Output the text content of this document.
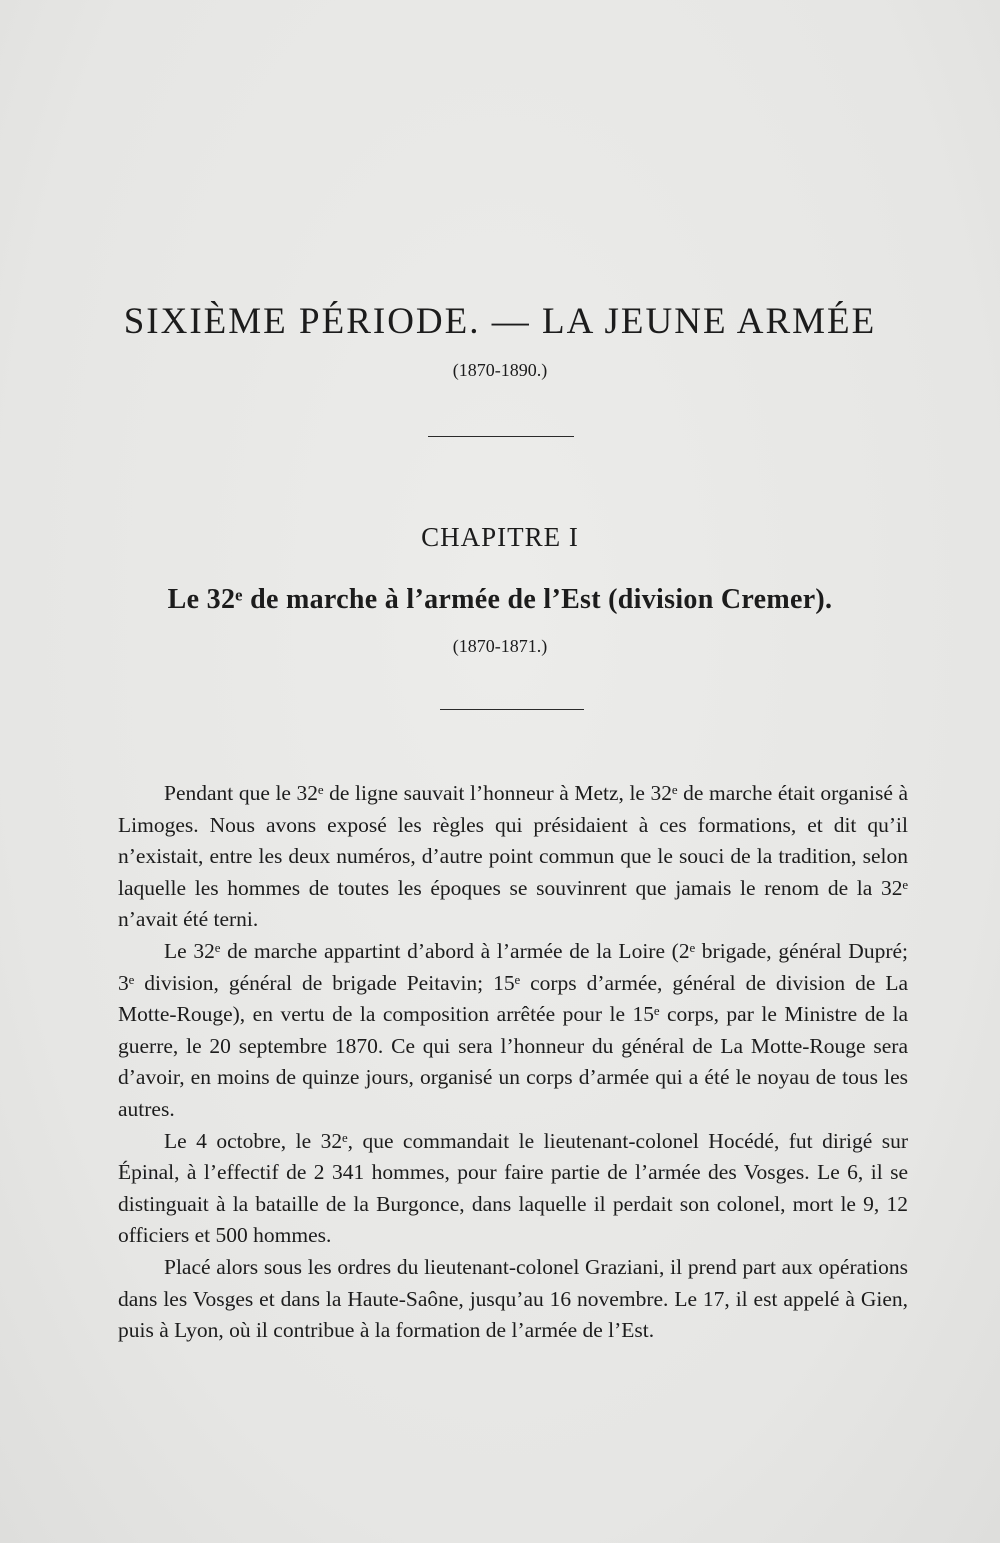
SIXIÈME PÉRIODE. — LA JEUNE ARMÉE
(1870-1890.)
CHAPITRE I
Le 32ᵉ de marche à l’armée de l’Est (division Cremer).
(1870-1871.)

Pendant que le 32ᵉ de ligne sauvait l’honneur à Metz, le 32ᵉ de marche était organisé à Limoges. Nous avons exposé les règles qui présidaient à ces formations, et dit qu’il n’existait, entre les deux numéros, d’autre point commun que le souci de la tradition, selon laquelle les hommes de toutes les époques se souvinrent que jamais le renom de la 32ᵉ n’avait été terni.

Le 32ᵉ de marche appartint d’abord à l’armée de la Loire (2ᵉ brigade, général Dupré; 3ᵉ division, général de brigade Peitavin; 15ᵉ corps d’armée, général de division de La Motte-Rouge), en vertu de la composition arrêtée pour le 15ᵉ corps, par le Ministre de la guerre, le 20 septembre 1870. Ce qui sera l’honneur du général de La Motte-Rouge sera d’avoir, en moins de quinze jours, organisé un corps d’armée qui a été le noyau de tous les autres.

Le 4 octobre, le 32ᵉ, que commandait le lieutenant-colonel Hocédé, fut dirigé sur Épinal, à l’effectif de 2 341 hommes, pour faire partie de l’armée des Vosges. Le 6, il se distinguait à la bataille de la Burgonce, dans laquelle il perdait son colonel, mort le 9, 12 officiers et 500 hommes.

Placé alors sous les ordres du lieutenant-colonel Graziani, il prend part aux opérations dans les Vosges et dans la Haute-Saône, jusqu’au 16 novembre. Le 17, il est appelé à Gien, puis à Lyon, où il contribue à la formation de l’armée de l’Est.
